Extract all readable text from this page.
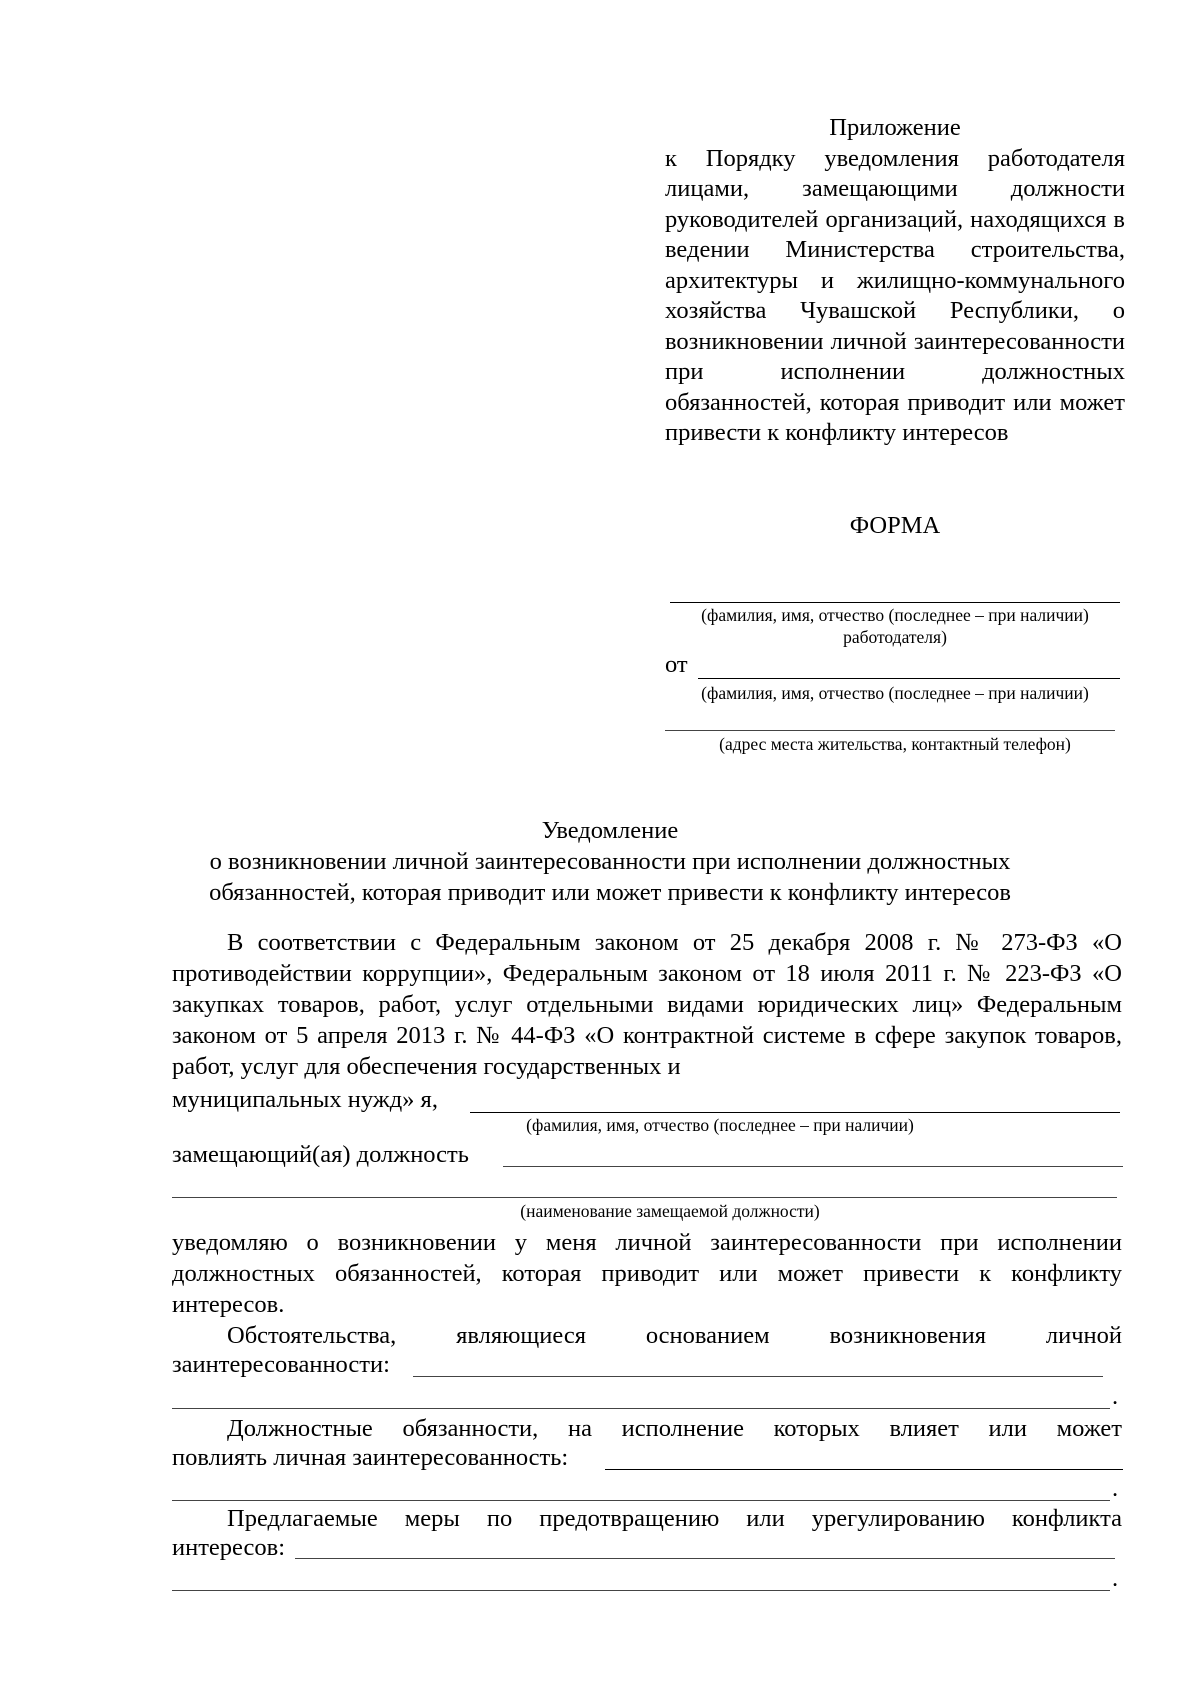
Приложение
к Порядку уведомления работодателя лицами, замещающими должности руководителей организаций, находящихся в ведении Министерства строительства, архитектуры и жилищно-коммунального хозяйства Чувашской Республики, о возникновении личной заинтересованности при исполнении должностных обязанностей, которая приводит или может привести к конфликту интересов
ФОРМА
(фамилия, имя, отчество (последнее – при наличии)
работодателя)
от
(фамилия, имя, отчество (последнее – при наличии)
(адрес места жительства, контактный телефон)
Уведомление
о возникновении личной заинтересованности при исполнении должностных
обязанностей, которая приводит или может привести к конфликту интересов

В соответствии с Федеральным законом от 25 декабря 2008 г. № 273-ФЗ «О противодействии коррупции», Федеральным законом от 18 июля 2011 г. № 223-ФЗ «О закупках товаров, работ, услуг отдельными видами юридических лиц» Федеральным законом от 5 апреля 2013 г. № 44-ФЗ «О контрактной системе в сфере закупок товаров, работ, услуг для обеспечения государственных и

муниципальных нужд» я,
(фамилия, имя, отчество (последнее – при наличии)
замещающий(ая) должность
(наименование замещаемой должности)

уведомляю о возникновении у меня личной заинтересованности при исполнении должностных обязанностей, которая приводит или может привести к конфликту интересов.

Обстоятельства, являющиеся основанием возникновения личной

заинтересованности:
.

Должностные обязанности, на исполнение которых влияет или может

повлиять личная заинтересованность:
.

Предлагаемые меры по предотвращению или урегулированию конфликта

интересов:
.
